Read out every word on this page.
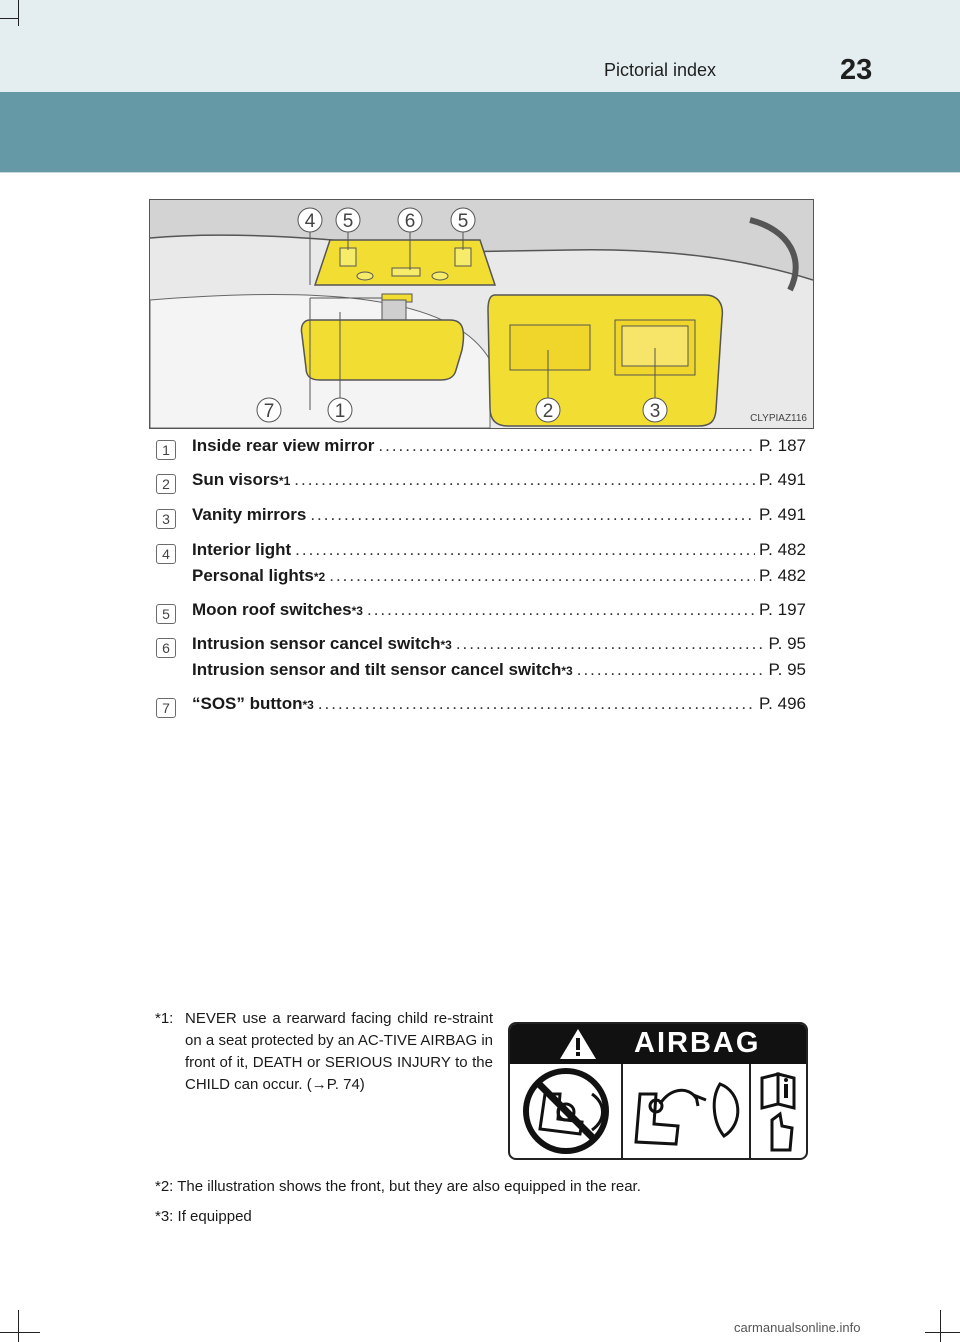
Pictorial index	23
4 5	6 5
7	1	2	3	CLYPIAZ116
1	Inside rear view mirror .....	P. 187
2	Sun visors *1 .....	P. 491
3	Vanity mirrors .....	P. 491
4	Interior light .....	P. 482
Personal lights *2 .....	P. 482
5	Moon roof switches *3 .....	P. 197
6	Intrusion sensor cancel switch *3 .....	P. 95
Intrusion sensor and tilt sensor cancel switch *3 .....	P. 95
7	“SOS” button *3 .....	P. 496
*1: NEVER use a rearward facing child re-straint on a seat protected by an AC-TIVE AIRBAG in front of it, DEATH or SERIOUS INJURY to the CHILD can occur. (→P. 74)
AIRBAG
*2: The illustration shows the front, but they are also equipped in the rear.
*3: If equipped
carmanualsonline.info
